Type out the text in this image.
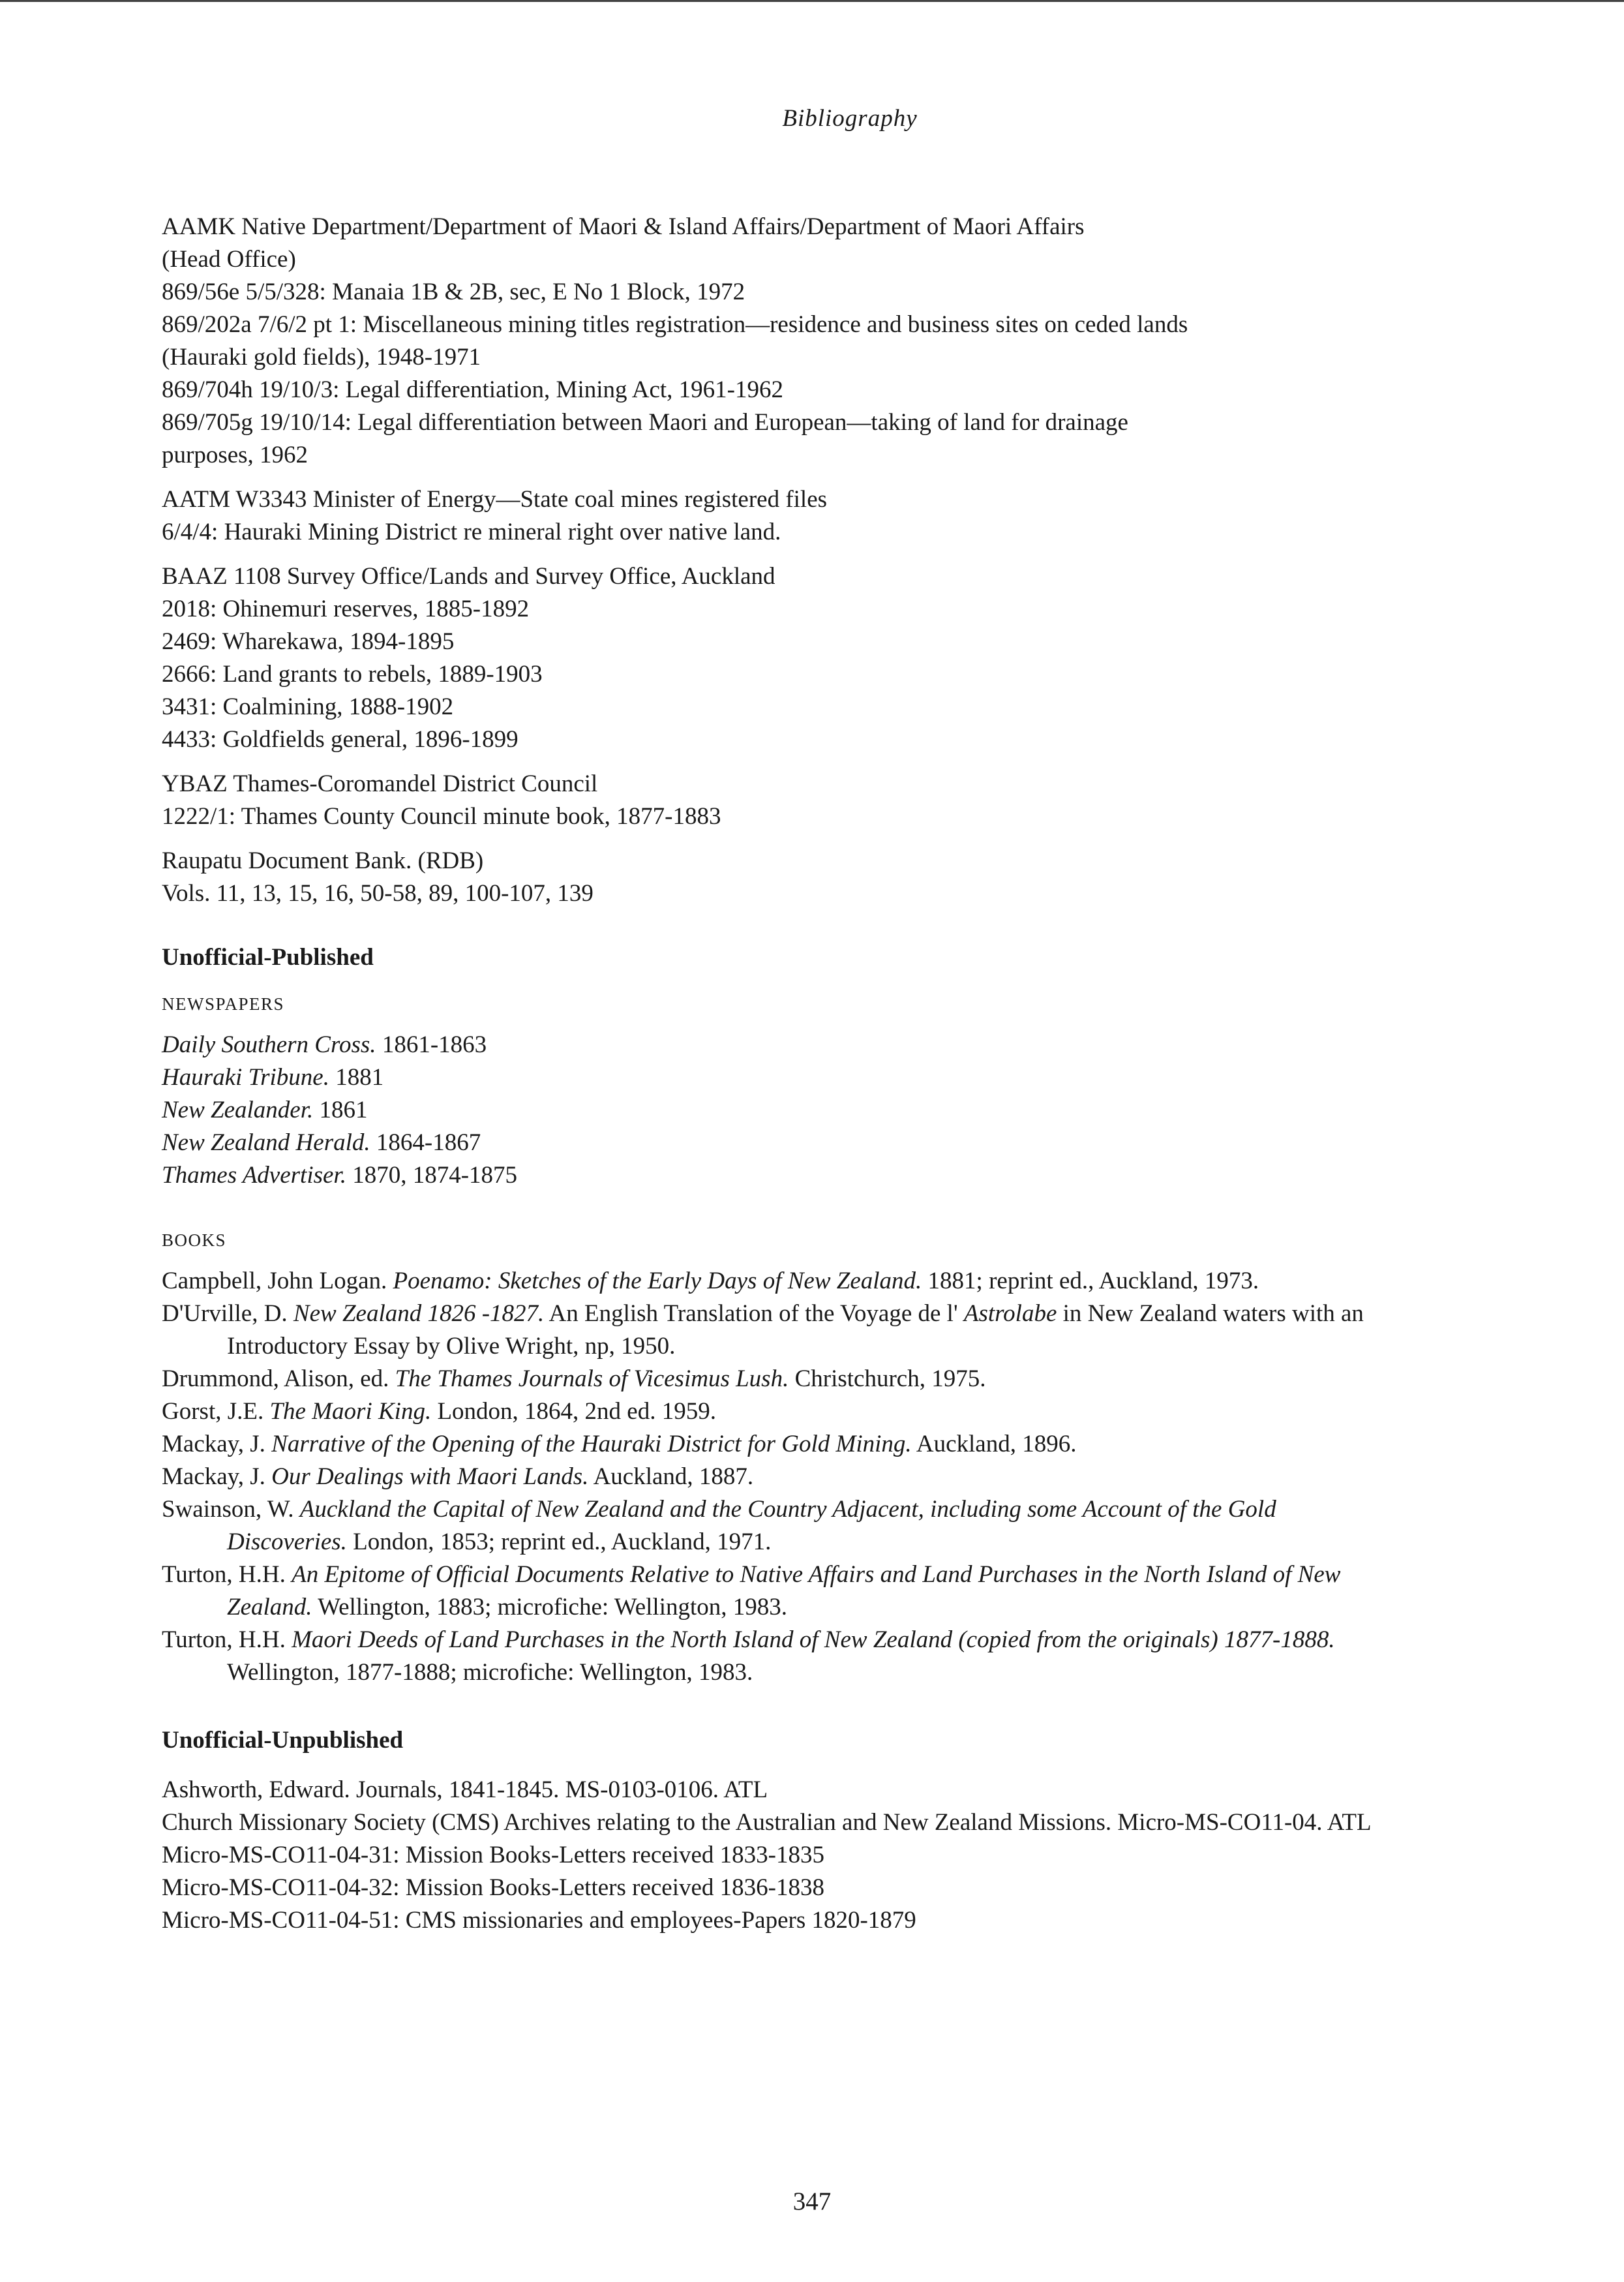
Bibliography
AAMK Native Department/Department of Maori & Island Affairs/Department of Maori Affairs
(Head Office)
869/56e 5/5/328: Manaia 1B & 2B, sec, E No 1 Block, 1972
869/202a 7/6/2 pt 1: Miscellaneous mining titles registration—residence and business sites on ceded lands
(Hauraki gold fields), 1948-1971
869/704h 19/10/3: Legal differentiation, Mining Act, 1961-1962
869/705g 19/10/14: Legal differentiation between Maori and European—taking of land for drainage
purposes, 1962
AATM W3343 Minister of Energy—State coal mines registered files
6/4/4: Hauraki Mining District re mineral right over native land.
BAAZ 1108 Survey Office/Lands and Survey Office, Auckland
2018: Ohinemuri reserves, 1885-1892
2469: Wharekawa, 1894-1895
2666: Land grants to rebels, 1889-1903
3431: Coalmining, 1888-1902
4433: Goldfields general, 1896-1899
YBAZ Thames-Coromandel District Council
1222/1: Thames County Council minute book, 1877-1883
Raupatu Document Bank. (RDB)
Vols. 11, 13, 15, 16, 50-58, 89, 100-107, 139
Unofficial-Published
NEWSPAPERS
Daily Southern Cross. 1861-1863
Hauraki Tribune. 1881
New Zealander. 1861
New Zealand Herald. 1864-1867
Thames Advertiser. 1870, 1874-1875
BOOKS
Campbell, John Logan. Poenamo: Sketches of the Early Days of New Zealand. 1881; reprint ed., Auckland, 1973.
D'Urville, D. New Zealand 1826 -1827. An English Translation of the Voyage de l' Astrolabe in New Zealand waters with an Introductory Essay by Olive Wright, np, 1950.
Drummond, Alison, ed. The Thames Journals of Vicesimus Lush. Christchurch, 1975.
Gorst, J.E. The Maori King. London, 1864, 2nd ed. 1959.
Mackay, J. Narrative of the Opening of the Hauraki District for Gold Mining. Auckland, 1896.
Mackay, J. Our Dealings with Maori Lands. Auckland, 1887.
Swainson, W. Auckland the Capital of New Zealand and the Country Adjacent, including some Account of the Gold Discoveries. London, 1853; reprint ed., Auckland, 1971.
Turton, H.H. An Epitome of Official Documents Relative to Native Affairs and Land Purchases in the North Island of New Zealand. Wellington, 1883; microfiche: Wellington, 1983.
Turton, H.H. Maori Deeds of Land Purchases in the North Island of New Zealand (copied from the originals) 1877-1888. Wellington, 1877-1888; microfiche: Wellington, 1983.
Unofficial-Unpublished
Ashworth, Edward. Journals, 1841-1845. MS-0103-0106. ATL
Church Missionary Society (CMS) Archives relating to the Australian and New Zealand Missions. Micro-MS-CO11-04. ATL
Micro-MS-CO11-04-31: Mission Books-Letters received 1833-1835
Micro-MS-CO11-04-32: Mission Books-Letters received 1836-1838
Micro-MS-CO11-04-51: CMS missionaries and employees-Papers 1820-1879
347
